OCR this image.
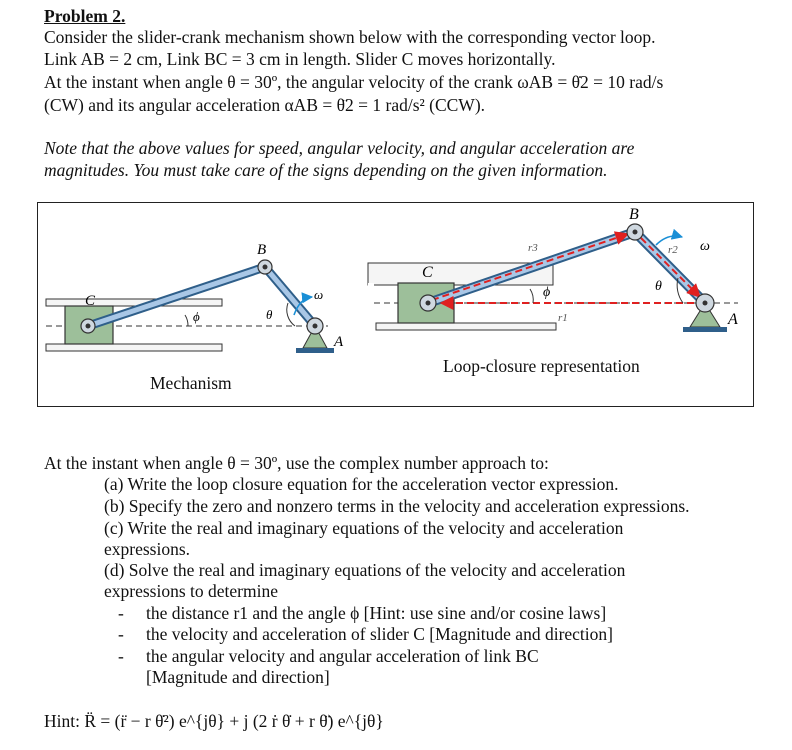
Problem 2.
Consider the slider-crank mechanism shown below with the corresponding vector loop.
Link AB = 2 cm, Link BC = 3 cm in length. Slider C moves horizontally.
At the instant when angle θ = 30º, the angular velocity of the crank ωAB = θ̇2 = 10 rad/s
(CW) and its angular acceleration αAB = θ̈2 = 1 rad/s² (CCW).
Note that the above values for speed, angular velocity, and angular acceleration are
magnitudes. You must take care of the signs depending on the given information.
C
B
A
ϕ	θ
ω
C
B
A
r3	r2
r1
ϕ	θ
ω
Mechanism
Loop-closure representation
At the instant when angle θ = 30º, use the complex number approach to:
(a) Write the loop closure equation for the acceleration vector expression.
(b) Specify the zero and nonzero terms in the velocity and acceleration expressions.
(c) Write the real and imaginary equations of the velocity and acceleration
expressions.
(d) Solve the real and imaginary equations of the velocity and acceleration
expressions to determine
- the distance r1 and the angle ϕ [Hint: use sine and/or cosine laws]
- the velocity and acceleration of slider C [Magnitude and direction]
- the angular velocity and angular acceleration of link BC
[Magnitude and direction]
Hint: R̈ = (r̈ − r θ̇²) e^{jθ} + j (2 ṙ θ̇ + r θ̈) e^{jθ}
